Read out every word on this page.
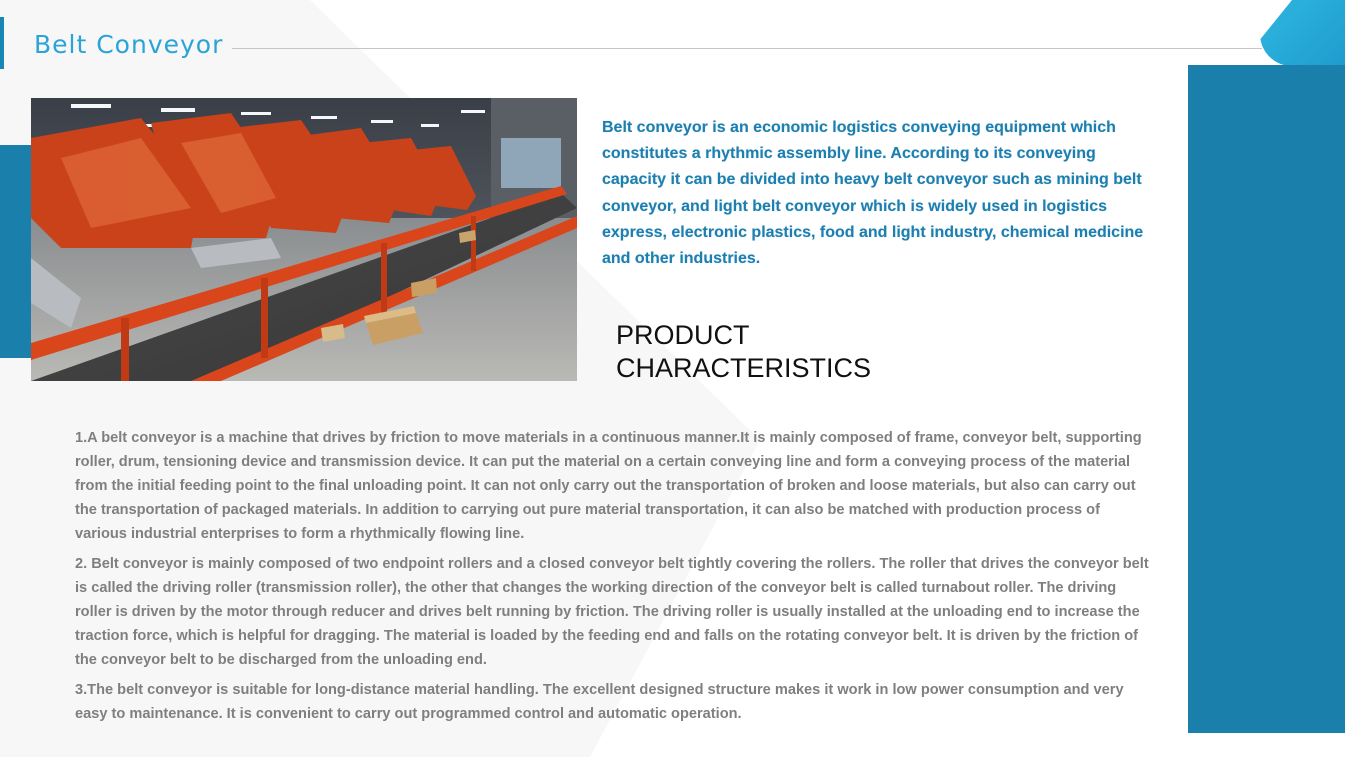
Belt Conveyor

Belt conveyor is an economic logistics conveying equipment which constitutes a rhythmic assembly line. According to its conveying capacity it can be divided into heavy belt conveyor such as mining belt conveyor, and light belt conveyor which is widely used in logistics express, electronic plastics, food and light industry, chemical medicine and other industries.

PRODUCT CHARACTERISTICS

1.A belt conveyor is a machine that drives by friction to move materials in a continuous manner.It is mainly composed of frame, conveyor belt, supporting roller, drum, tensioning device and transmission device. It can put the material on a certain conveying line and form a conveying process of the material from the initial feeding point to the final unloading point. It can not only carry out the transportation of broken and loose materials, but also can carry out the transportation of packaged materials. In addition to carrying out pure material transportation, it can also be matched with production process of various industrial enterprises to form a rhythmically flowing line.

2. Belt conveyor is mainly composed of two endpoint rollers and a closed conveyor belt tightly covering the rollers. The roller that drives the conveyor belt is called the driving roller (transmission roller), the other that changes the working direction of the conveyor belt is called turnabout roller. The driving roller is driven by the motor through reducer and drives belt running by friction. The driving roller is usually installed at the unloading end to increase the traction force, which is helpful for dragging. The material is loaded by the feeding end and falls on the rotating conveyor belt. It is driven by the friction of the conveyor belt to be discharged from the unloading end.

3.The belt conveyor is suitable for long-distance material handling. The excellent designed structure makes it work in low power consumption and very easy to maintenance. It is convenient to carry out programmed control and automatic operation.
